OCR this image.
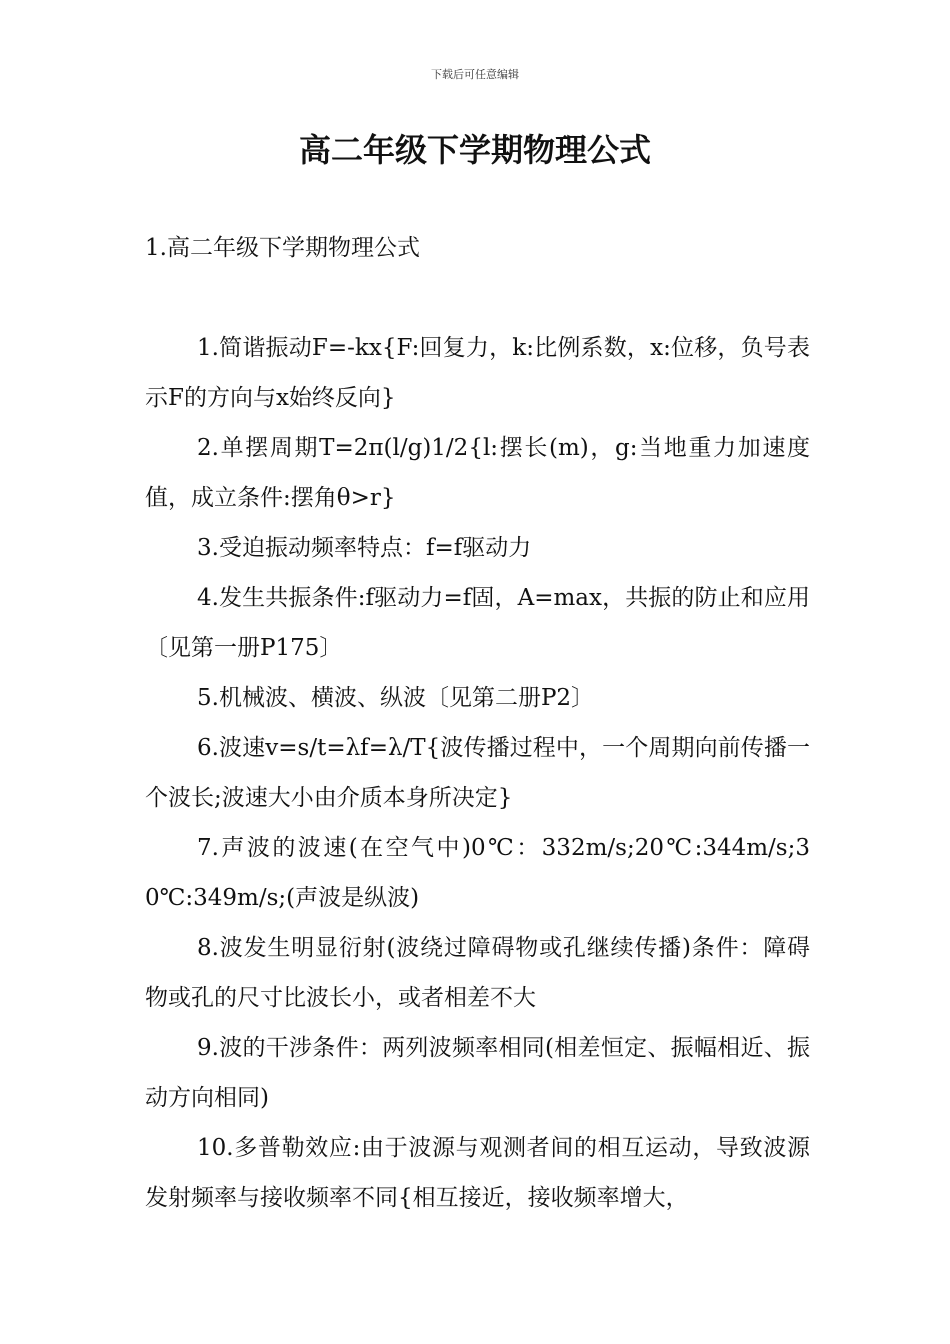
下载后可任意编辑
高二年级下学期物理公式
1.高二年级下学期物理公式

1.简谐振动F=-kx{F:回复力，k:比例系数，x:位移，负号表示F的方向与x始终反向}

2.单摆周期T=2π(l/g)1/2{l:摆长(m)，g:当地重力加速度值，成立条件:摆角θ>r}

3.受迫振动频率特点：f=f驱动力

4.发生共振条件:f驱动力=f固，A=max，共振的防止和应用〔见第一册P175〕

5.机械波、横波、纵波〔见第二册P2〕

6.波速v=s/t=λf=λ/T{波传播过程中，一个周期向前传播一个波长;波速大小由介质本身所决定}

7.声波的波速(在空气中)0℃：332m/s;20℃:344m/s;30℃:349m/s;(声波是纵波)

8.波发生明显衍射(波绕过障碍物或孔继续传播)条件：障碍物或孔的尺寸比波长小，或者相差不大

9.波的干涉条件：两列波频率相同(相差恒定、振幅相近、振动方向相同)

10.多普勒效应:由于波源与观测者间的相互运动，导致波源发射频率与接收频率不同{相互接近，接收频率增大，
